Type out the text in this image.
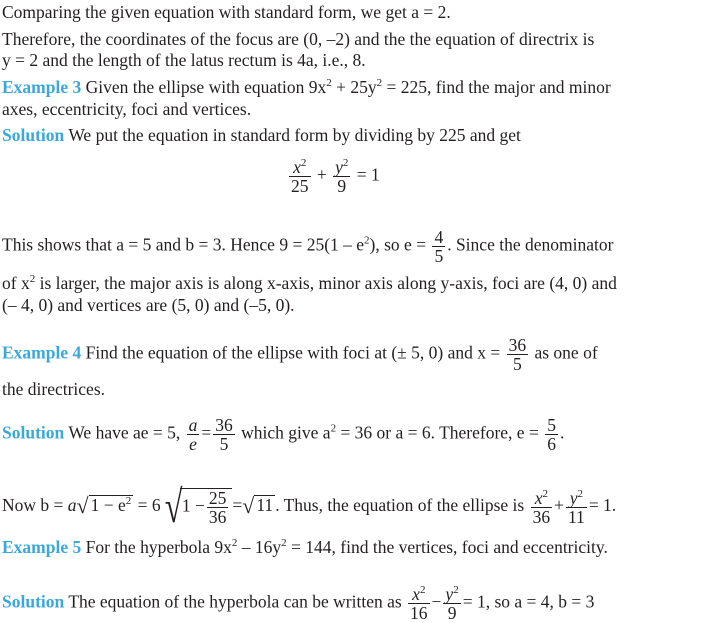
Comparing the given equation with standard form, we get a = 2.
Therefore, the coordinates of the focus are (0, –2) and the the equation of directrix is
y = 2 and the length of the latus rectum is 4a, i.e., 8.
Example 3 Given the ellipse with equation $9x^2 + 25y^2 = 225$, find the major and minor
axes, eccentricity, foci and vertices.
Solution We put the equation in standard form by dividing by 225 and get
$\frac{x^2}{25} + \frac{y^2}{9} = 1$
This shows that a = 5 and b = 3. Hence $9 = 25(1 - e^2)$, so $e = \frac{4}{5}$ . Since the denominator
of $x^2$ is larger, the major axis is along x-axis, minor axis along y-axis, foci are (4, 0) and
(– 4, 0) and vertices are (5, 0) and (–5, 0).
Example 4 Find the equation of the ellipse with foci at (± 5, 0) and $x = \frac{36}{5}$ as one of
the directrices.
Solution We have ae = 5, $\frac{a}{e} = \frac{36}{5}$ which give $a^2 = 36$ or a = 6. Therefore, $e = \frac{5}{6}$ .
Now b = a√ $1 - e^2 = 6√1 - \frac{25}{36}$ =√ 11 . Thus, the equation of the ellipse is $\frac{x^2}{36} + \frac{y^2}{11} = 1$.
Example 5 For the hyperbola $9x^2 - 16y^2 = 144$, find the vertices, foci and eccentricity.
Solution The equation of the hyperbola can be written as $\frac{x^2}{16} - \frac{y^2}{9} = 1$, so a = 4, b = 3
